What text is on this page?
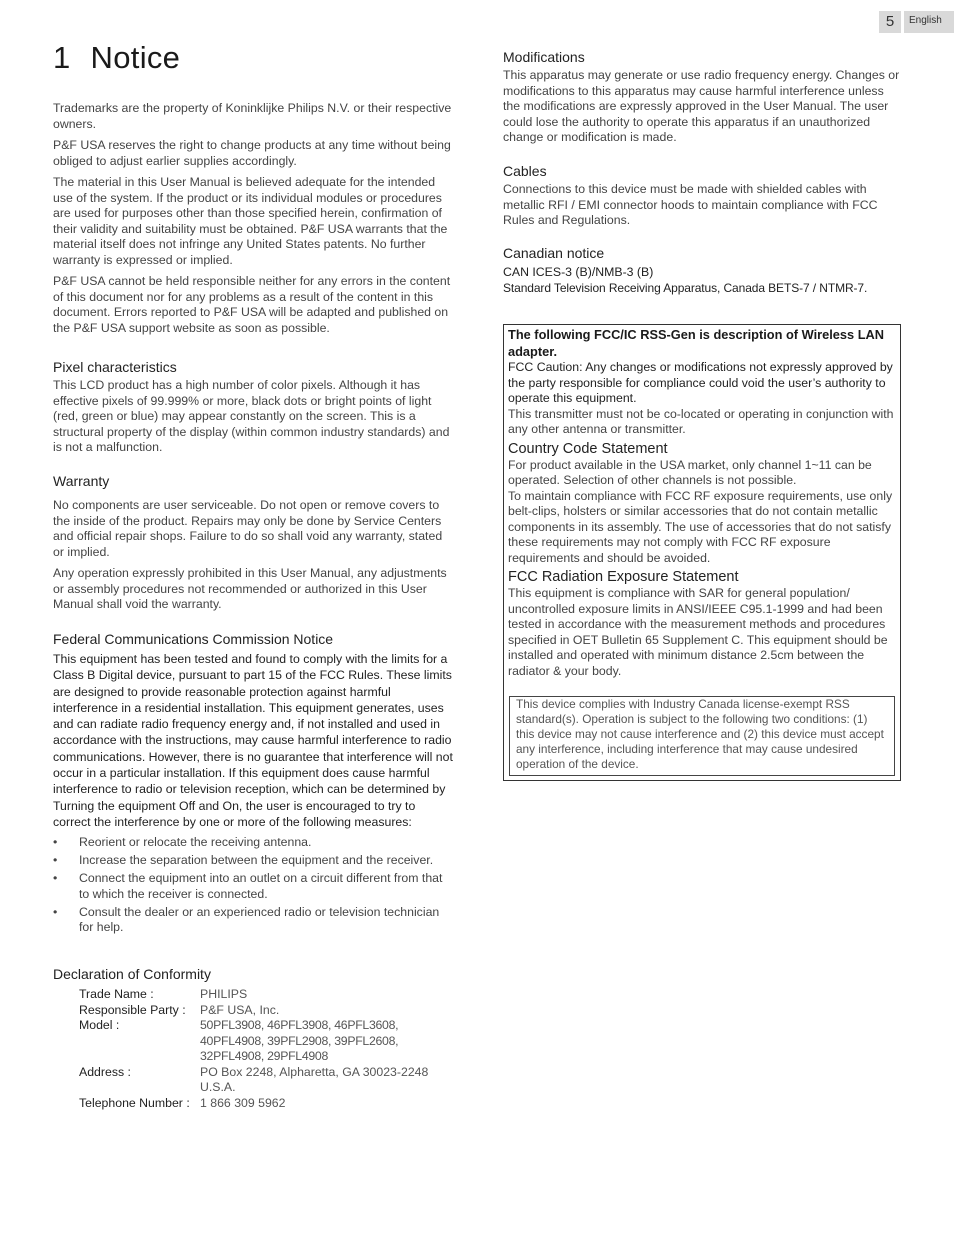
5	English
1 Notice

Trademarks are the property of Koninklijke Philips N.V. or their respective owners.

P&F USA reserves the right to change products at any time without being obliged to adjust earlier supplies accordingly.

The material in this User Manual is believed adequate for the intended use of the system. If the product or its individual modules or procedures are used for purposes other than those specified herein, confirmation of their validity and suitability must be obtained. P&F USA warrants that the material itself does not infringe any United States patents. No further warranty is expressed or implied.

P&F USA cannot be held responsible neither for any errors in the content of this document nor for any problems as a result of the content in this document. Errors reported to P&F USA will be adapted and published on the P&F USA support website as soon as possible.

Pixel characteristics

This LCD product has a high number of color pixels. Although it has effective pixels of 99.999% or more, black dots or bright points of light (red, green or blue) may appear constantly on the screen. This is a structural property of the display (within common industry standards) and is not a malfunction.

Warranty

No components are user serviceable. Do not open or remove covers to the inside of the product. Repairs may only be done by Service Centers and official repair shops. Failure to do so shall void any warranty, stated or implied.

Any operation expressly prohibited in this User Manual, any adjustments or assembly procedures not recommended or authorized in this User Manual shall void the warranty.

Federal Communications Commission Notice

This equipment has been tested and found to comply with the limits for a Class B Digital device, pursuant to part 15 of the FCC Rules. These limits are designed to provide reasonable protection against harmful interference in a residential installation. This equipment generates, uses and can radiate radio frequency energy and, if not installed and used in accordance with the instructions, may cause harmful interference to radio communications. However, there is no guarantee that interference will not occur in a particular installation. If this equipment does cause harmful interference to radio or television reception, which can be determined by Turning the equipment Off and On, the user is encouraged to try to correct the interference by one or more of the following measures:

• Reorient or relocate the receiving antenna.
• Increase the separation between the equipment and the receiver.
• Connect the equipment into an outlet on a circuit different from that to which the receiver is connected.
• Consult the dealer or an experienced radio or television technician for help.
Declaration of Conformity
Trade Name :	PHILIPS
Responsible Party :	P&F USA, Inc.
Model :	50PFL3908, 46PFL3908, 46PFL3608, 40PFL4908, 39PFL2908, 39PFL2608, 32PFL4908, 29PFL4908
Address :	PO Box 2248, Alpharetta, GA 30023-2248 U.S.A.
Telephone Number :	1 866 309 5962
Modifications

This apparatus may generate or use radio frequency energy. Changes or modifications to this apparatus may cause harmful interference unless the modifications are expressly approved in the User Manual. The user could lose the authority to operate this apparatus if an unauthorized change or modification is made.

Cables

Connections to this device must be made with shielded cables with metallic RFI / EMI connector hoods to maintain compliance with FCC Rules and Regulations.

Canadian notice

CAN ICES-3 (B)/NMB-3 (B)

Standard Television Receiving Apparatus, Canada BETS-7 / NTMR-7.

The following FCC/IC RSS-Gen is description of Wireless LAN adapter.

FCC Caution: Any changes or modifications not expressly approved by the party responsible for compliance could void the user’s authority to operate this equipment.

This transmitter must not be co-located or operating in conjunction with any other antenna or transmitter.

Country Code Statement

For product available in the USA market, only channel 1~11 can be operated. Selection of other channels is not possible.

To maintain compliance with FCC RF exposure requirements, use only belt-clips, holsters or similar accessories that do not contain metallic components in its assembly. The use of accessories that do not satisfy these requirements may not comply with FCC RF exposure requirements and should be avoided.

FCC Radiation Exposure Statement

This equipment is compliance with SAR for general population/ uncontrolled exposure limits in ANSI/IEEE C95.1-1999 and had been tested in accordance with the measurement methods and procedures specified in OET Bulletin 65 Supplement C. This equipment should be installed and operated with minimum distance 2.5cm between the radiator & your body.

This device complies with Industry Canada license-exempt RSS standard(s). Operation is subject to the following two conditions: (1) this device may not cause interference and (2) this device must accept any interference, including interference that may cause undesired operation of the device.
